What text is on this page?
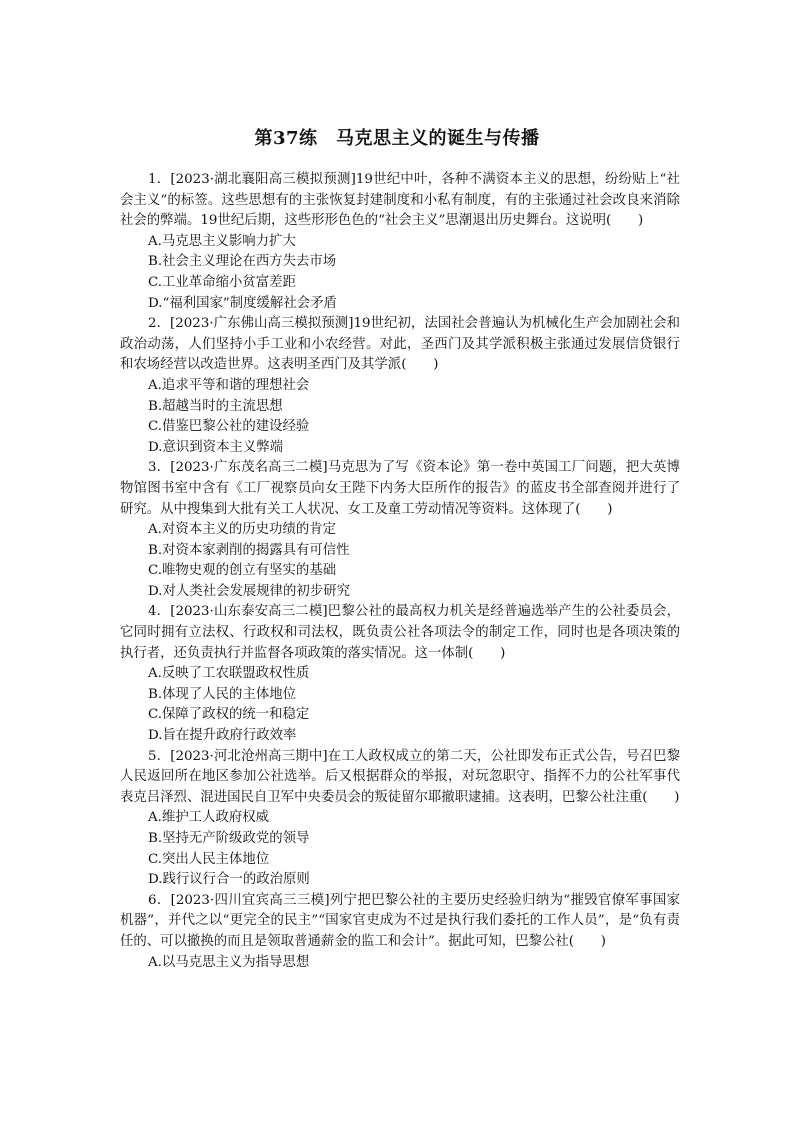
第37练　马克思主义的诞生与传播

1．[2023·湖北襄阳高三模拟预测]19世纪中叶，各种不满资本主义的思想，纷纷贴上“社会主义”的标签。这些思想有的主张恢复封建制度和小私有制度，有的主张通过社会改良来消除社会的弊端。19世纪后期，这些形形色色的“社会主义”思潮退出历史舞台。这说明(　　)

A.马克思主义影响力扩大

B.社会主义理论在西方失去市场

C.工业革命缩小贫富差距

D.“福利国家”制度缓解社会矛盾

2．[2023·广东佛山高三模拟预测]19世纪初，法国社会普遍认为机械化生产会加剧社会和政治动荡，人们坚持小手工业和小农经营。对此，圣西门及其学派积极主张通过发展信贷银行和农场经营以改造世界。这表明圣西门及其学派(　　)

A.追求平等和谐的理想社会

B.超越当时的主流思想

C.借鉴巴黎公社的建设经验

D.意识到资本主义弊端

3．[2023·广东茂名高三二模]马克思为了写《资本论》第一卷中英国工厂问题，把大英博物馆图书室中含有《工厂视察员向女王陛下内务大臣所作的报告》的蓝皮书全部查阅并进行了研究。从中搜集到大批有关工人状况、女工及童工劳动情况等资料。这体现了(　　)

A.对资本主义的历史功绩的肯定

B.对资本家剥削的揭露具有可信性

C.唯物史观的创立有坚实的基础

D.对人类社会发展规律的初步研究

4．[2023·山东泰安高三二模]巴黎公社的最高权力机关是经普遍选举产生的公社委员会，它同时拥有立法权、行政权和司法权，既负责公社各项法令的制定工作，同时也是各项决策的执行者，还负责执行并监督各项政策的落实情况。这一体制(　　)

A.反映了工农联盟政权性质

B.体现了人民的主体地位

C.保障了政权的统一和稳定

D.旨在提升政府行政效率

5．[2023·河北沧州高三期中]在工人政权成立的第二天，公社即发布正式公告，号召巴黎人民返回所在地区参加公社选举。后又根据群众的举报，对玩忽职守、指挥不力的公社军事代表克吕泽烈、混进国民自卫军中央委员会的叛徒留尔耶撤职逮捕。这表明，巴黎公社注重(　　)

A.维护工人政府权威

B.坚持无产阶级政党的领导

C.突出人民主体地位

D.践行议行合一的政治原则

6．[2023·四川宜宾高三三模]列宁把巴黎公社的主要历史经验归纳为“摧毁官僚军事国家机器”，并代之以“更完全的民主”“国家官吏成为不过是执行我们委托的工作人员”，是“负有责任的、可以撤换的而且是领取普通薪金的监工和会计”。据此可知，巴黎公社(　　)

A.以马克思主义为指导思想
